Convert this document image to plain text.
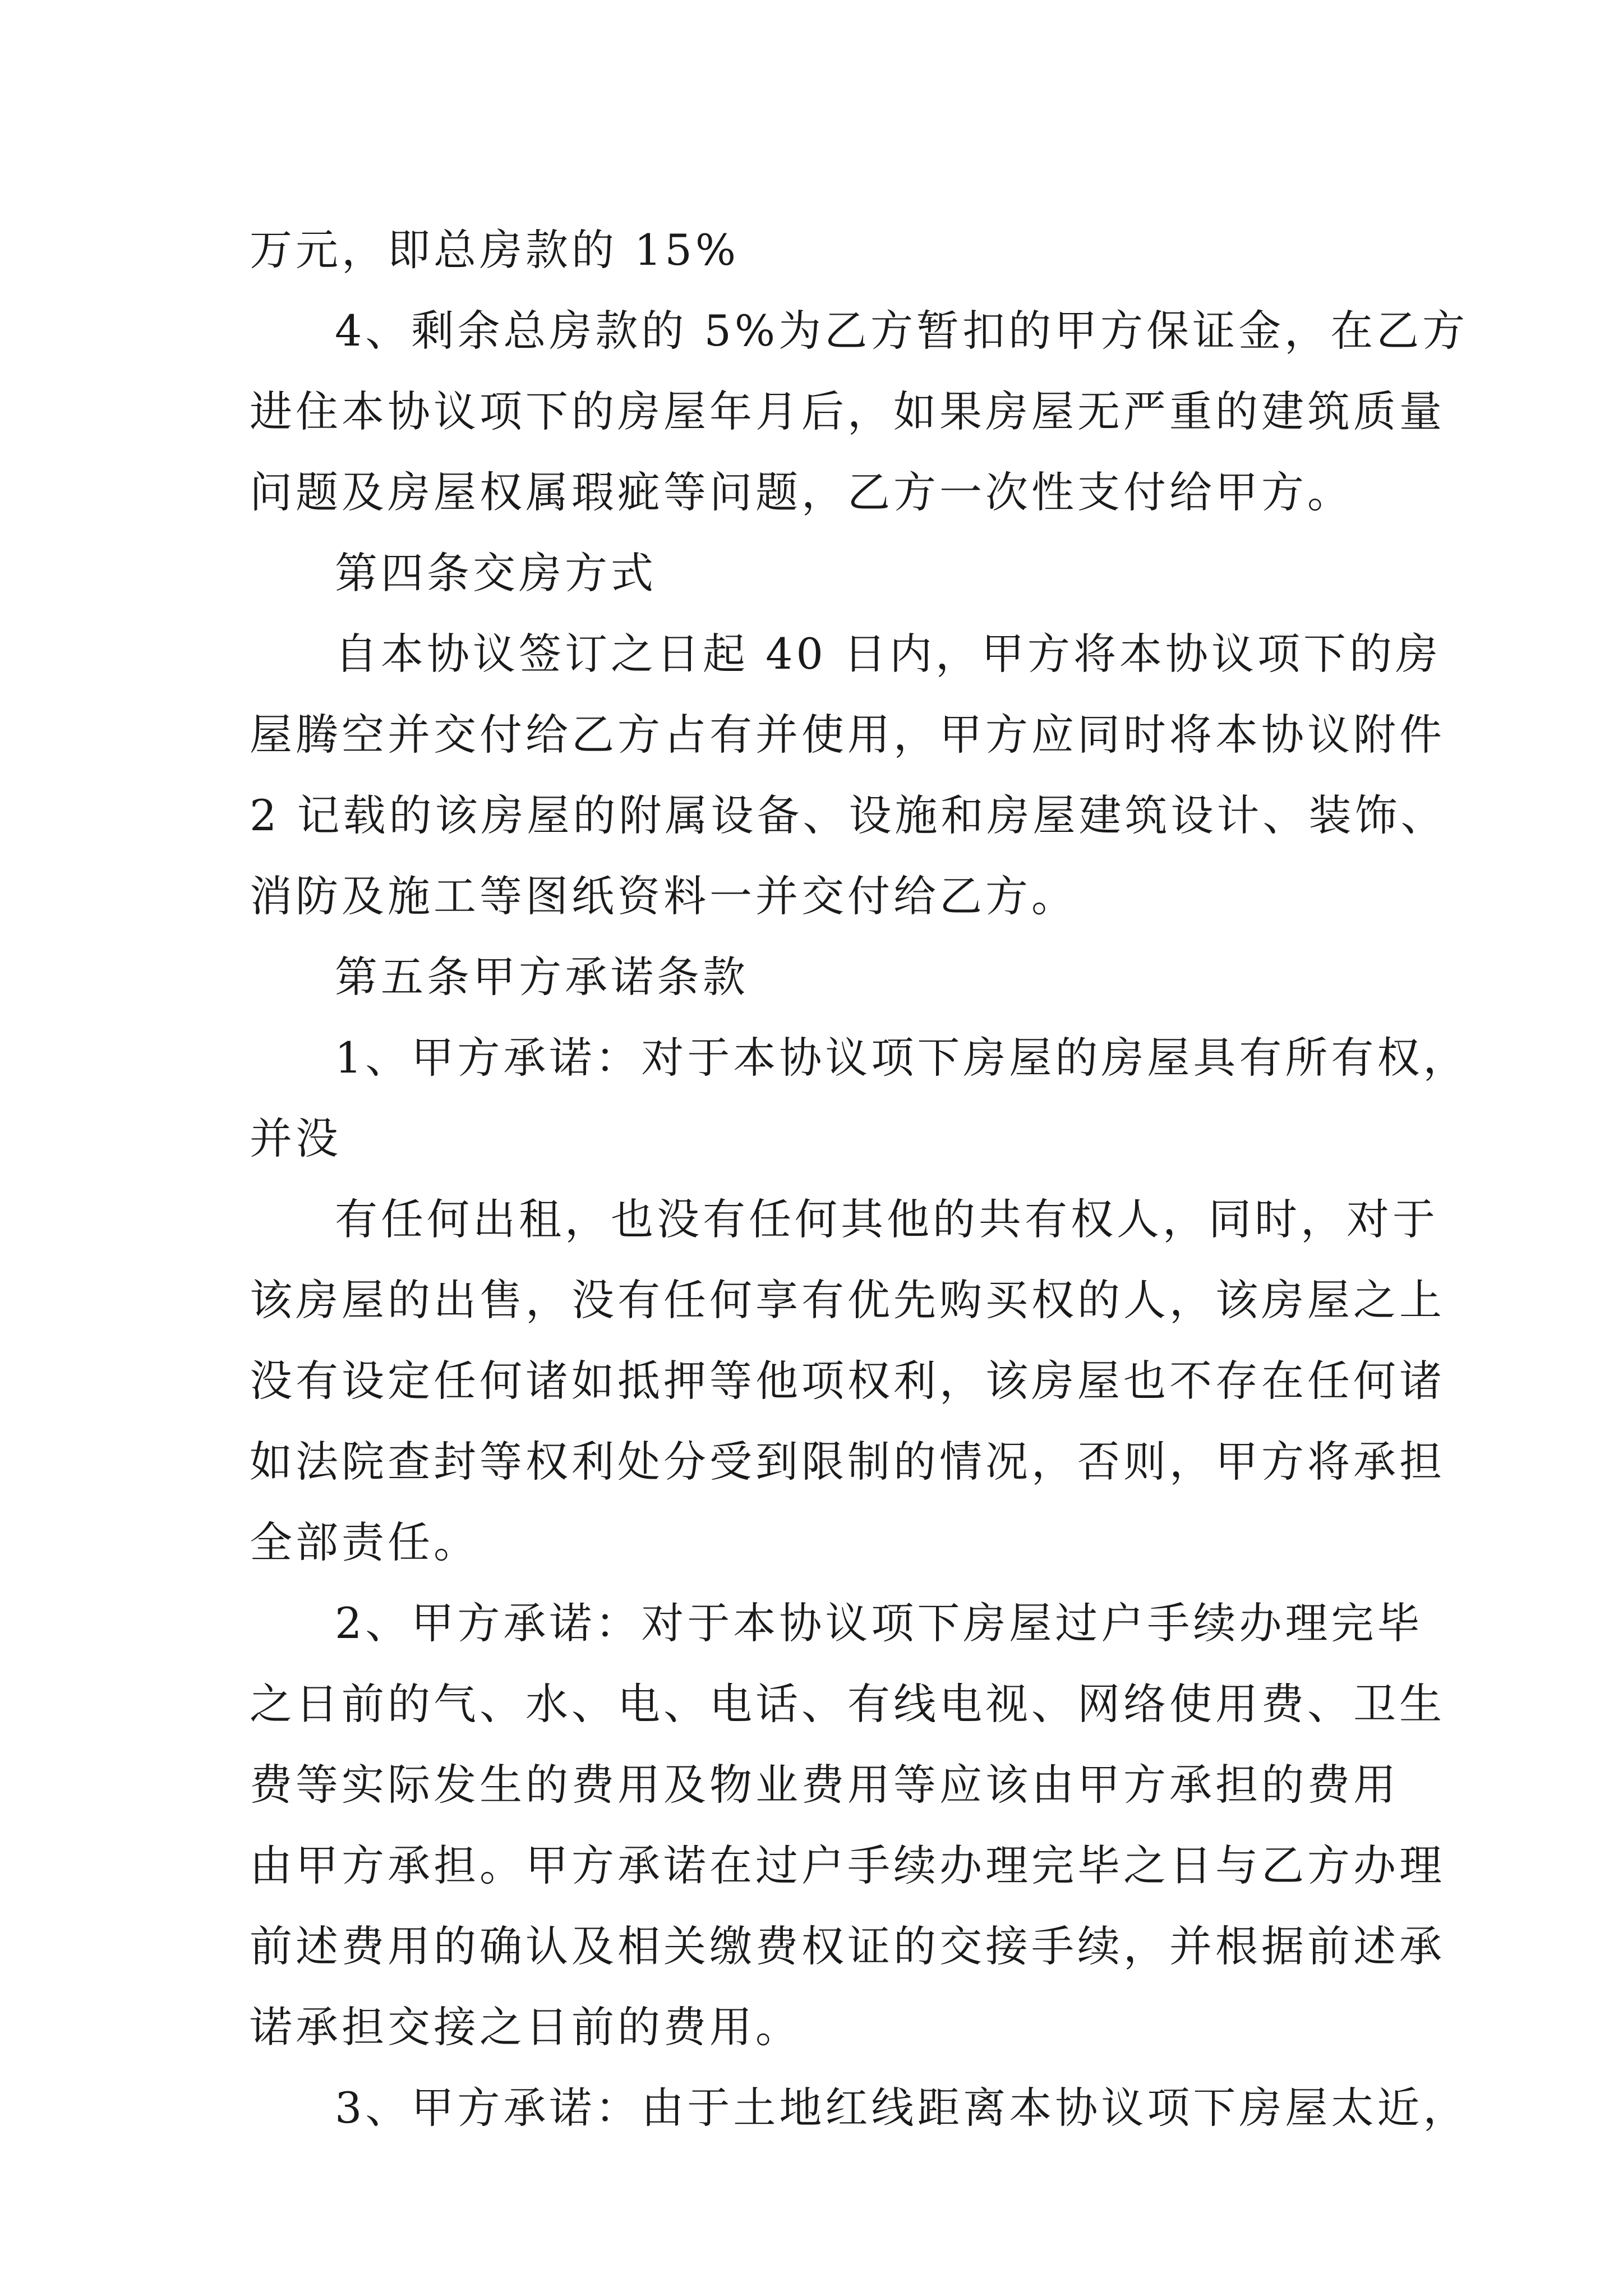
万元，即总房款的 15%

4、剩余总房款的 5%为乙方暂扣的甲方保证金，在乙方
进住本协议项下的房屋年月后，如果房屋无严重的建筑质量
问题及房屋权属瑕疵等问题，乙方一次性支付给甲方。

第四条交房方式

自本协议签订之日起 40 日内，甲方将本协议项下的房
屋腾空并交付给乙方占有并使用，甲方应同时将本协议附件
2 记载的该房屋的附属设备、设施和房屋建筑设计、装饰、
消防及施工等图纸资料一并交付给乙方。

第五条甲方承诺条款

1、甲方承诺：对于本协议项下房屋的房屋具有所有权，
并没

有任何出租，也没有任何其他的共有权人，同时，对于
该房屋的出售，没有任何享有优先购买权的人，该房屋之上
没有设定任何诸如抵押等他项权利，该房屋也不存在任何诸
如法院查封等权利处分受到限制的情况，否则，甲方将承担
全部责任。

2、甲方承诺：对于本协议项下房屋过户手续办理完毕
之日前的气、水、电、电话、有线电视、网络使用费、卫生
费等实际发生的费用及物业费用等应该由甲方承担的费用
由甲方承担。甲方承诺在过户手续办理完毕之日与乙方办理
前述费用的确认及相关缴费权证的交接手续，并根据前述承
诺承担交接之日前的费用。

3、甲方承诺：由于土地红线距离本协议项下房屋太近，
